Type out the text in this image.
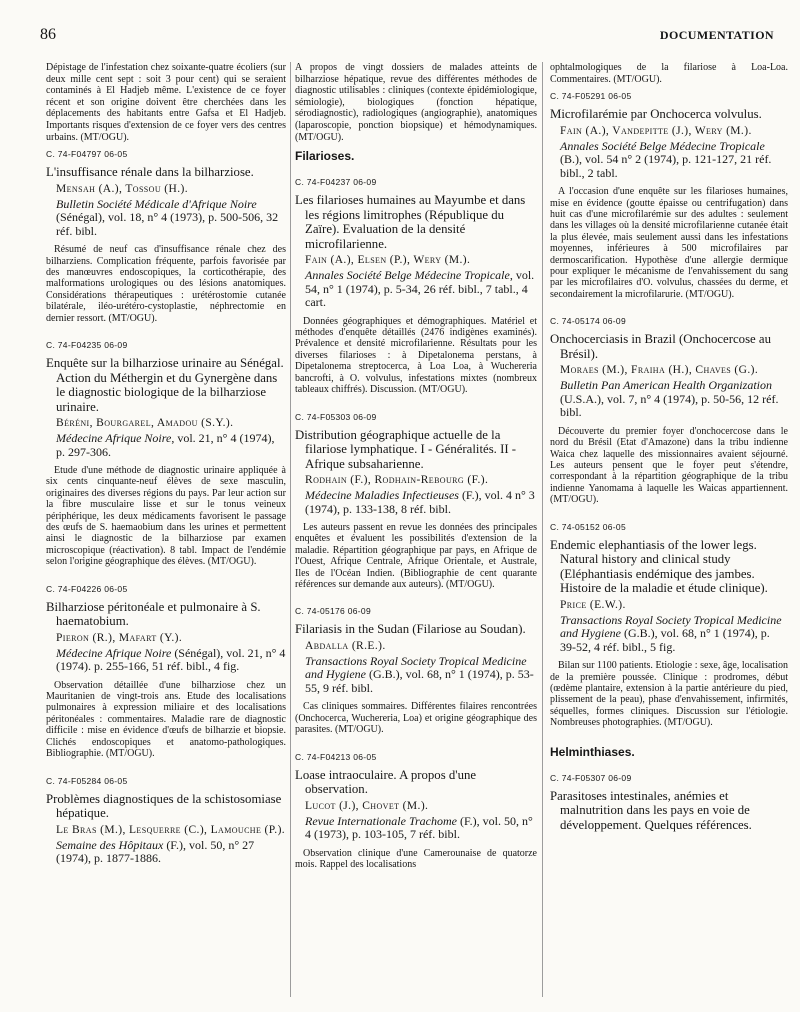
86	DOCUMENTATION

Dépistage de l'infestation chez soixante-quatre écoliers (sur deux mille cent sept : soit 3 pour cent) qui se seraient contaminés à El Hadjeb même. L'existence de ce foyer récent et son origine doivent être cherchées dans les déplacements des habitants entre Gafsa et El Hadjeb. Importants risques d'extension de ce foyer vers des centres urbains. (MT/OGU).

C. 74-F04797 06-05
L'insuffisance rénale dans la bilharziose.
Mensah (A.), Tossou (H.).
Bulletin Société Médicale d'Afrique Noire (Sénégal), vol. 18, n° 4 (1973), p. 500-506, 32 réf. bibl.

Résumé de neuf cas d'insuffisance rénale chez des bilharziens. Complication fréquente, parfois favorisée par des manœuvres endoscopiques, la corticothérapie, des malformations urologiques ou des lésions anatomiques. Considérations thérapeutiques : urétérostomie cutanée bilatérale, iléo-urétéro-cystoplastie, néphrectomie en dernier ressort. (MT/OGU).

C. 74-F04235 06-09
Enquête sur la bilharziose urinaire au Sénégal. Action du Méthergin et du Gynergène dans le diagnostic biologique de la bilharziose urinaire.
Béréni, Bourgarel, Amadou (S.Y.).
Médecine Afrique Noire, vol. 21, n° 4 (1974), p. 297-306.

Etude d'une méthode de diagnostic urinaire appliquée à six cents cinquante-neuf élèves de sexe masculin, originaires des diverses régions du pays. Par leur action sur la fibre musculaire lisse et sur le tonus veineux périphérique, les deux médicaments favorisent le passage des œufs de S. haemaobium dans les urines et permettent ainsi le diagnostic de la bilharziose par examen microscopique (réactivation). 8 tabl. Impact de l'endémie selon l'origine géographique des élèves. (MT/OGU).

C. 74-F04226 06-05
Bilharziose péritonéale et pulmonaire à S. haematobium.
Pieron (R.), Mafart (Y.).
Médecine Afrique Noire (Sénégal), vol. 21, n° 4 (1974). p. 255-166, 51 réf. bibl., 4 fig.

Observation détaillée d'une bilharziose chez un Mauritanien de vingt-trois ans. Etude des localisations pulmonaires à expression miliaire et des localisations péritonéales : commentaires. Maladie rare de diagnostic difficile : mise en évidence d'œufs de bilharzie et biopsie. Clichés endoscopiques et anatomo-pathologiques. Bibliographie. (MT/OGU).

C. 74-F05284 06-05
Problèmes diagnostiques de la schistosomiase hépatique.
Le Bras (M.), Lesquerre (C.), Lamouche (P.).
Semaine des Hôpitaux (F.), vol. 50, n° 27 (1974), p. 1877-1886.

A propos de vingt dossiers de malades atteints de bilharziose hépatique, revue des différentes méthodes de diagnostic utilisables : cliniques (contexte épidémiologique, sémiologie), biologiques (fonction hépatique, sérodiagnostic), radiologiques (angiographie), anatomiques (laparoscopie, ponction biopsique) et hémodynamiques. (MT/OGU).

Filarioses.
C. 74-F04237 06-09
Les filarioses humaines au Mayumbe et dans les régions limitrophes (République du Zaïre). Evaluation de la densité microfilarienne.
Fain (A.), Elsen (P.), Wery (M.).
Annales Société Belge Médecine Tropicale, vol. 54, n° 1 (1974), p. 5-34, 26 réf. bibl., 7 tabl., 4 cart.

Données géographiques et démographiques. Matériel et méthodes d'enquête détaillés (2476 indigènes examinés). Prévalence et densité microfilarienne. Résultats pour les diverses filarioses : à Dipetalonema perstans, à Dipetalonema streptocerca, à Loa Loa, à Wuchereria bancrofti, à O. volvulus, infestations mixtes (nombreux tableaux chiffrés). Discussion. (MT/OGU).

C. 74-F05303 06-09
Distribution géographique actuelle de la filariose lymphatique. I - Généralités. II - Afrique subsaharienne.
Rodhain (F.), Rodhain-Rebourg (F.).
Médecine Maladies Infectieuses (F.), vol. 4 n° 3 (1974), p. 133-138, 8 réf. bibl.

Les auteurs passent en revue les données des principales enquêtes et évaluent les possibilités d'extension de la maladie. Répartition géographique par pays, en Afrique de l'Ouest, Afrique Centrale, Afrique Orientale, et Australe, Iles de l'Océan Indien. (Bibliographie de cent quarante références sur demande aux auteurs). (MT/OGU).

C. 74-05176 06-09
Filariasis in the Sudan (Filariose au Soudan).
Abdalla (R.E.).
Transactions Royal Society Tropical Medicine and Hygiene (G.B.), vol. 68, n° 1 (1974), p. 53-55, 9 réf. bibl.

Cas cliniques sommaires. Différentes filaires rencontrées (Onchocerca, Wuchereria, Loa) et origine géographique des parasites. (MT/OGU).

C. 74-F04213 06-05
Loase intraoculaire. A propos d'une observation.
Lucot (J.), Chovet (M.).
Revue Internationale Trachome (F.), vol. 50, n° 4 (1973), p. 103-105, 7 réf. bibl.

Observation clinique d'une Camerounaise de quatorze mois. Rappel des localisations

ophtalmologiques de la filariose à Loa-Loa. Commentaires. (MT/OGU).

C. 74-F05291 06-05
Microfilarémie par Onchocerca volvulus.
Fain (A.), Vandepitte (J.), Wery (M.).
Annales Société Belge Médecine Tropicale (B.), vol. 54 n° 2 (1974), p. 121-127, 21 réf. bibl., 2 tabl.

A l'occasion d'une enquête sur les filarioses humaines, mise en évidence (goutte épaisse ou centrifugation) dans huit cas d'une microfilarémie sur des adultes : seulement dans les villages où la densité microfilarienne cutanée était la plus élevée, mais seulement aussi dans les infestations moyennes, inférieures à 500 microfilaires par dermoscarification. Hypothèse d'une allergie dermique pour expliquer le mécanisme de l'envahissement du sang par les microfilaires d'O. volvulus, chassées du derme, et secondairement la microfilarurie. (MT/OGU).

C. 74-05174 06-09
Onchocerciasis in Brazil (Onchocercose au Brésil).
Moraes (M.), Fraiha (H.), Chaves (G.).
Bulletin Pan American Health Organization (U.S.A.), vol. 7, n° 4 (1974), p. 50-56, 12 réf. bibl.

Découverte du premier foyer d'onchocercose dans le nord du Brésil (Etat d'Amazone) dans la tribu indienne Waica chez laquelle des missionnaires avaient séjourné. Les auteurs pensent que le foyer peut s'étendre, correspondant à la répartition géographique de la tribu indienne Yanomama à laquelle les Waicas appartiennent. (MT/OGU).

C. 74-05152 06-05
Endemic elephantiasis of the lower legs. Natural history and clinical study (Eléphantiasis endémique des jambes. Histoire de la maladie et étude clinique).
Price (E.W.).
Transactions Royal Society Tropical Medicine and Hygiene (G.B.), vol. 68, n° 1 (1974), p. 39-52, 4 réf. bibl., 5 fig.

Bilan sur 1100 patients. Etiologie : sexe, âge, localisation de la première poussée. Clinique : prodromes, début (œdème plantaire, extension à la partie antérieure du pied, plissement de la peau), phase d'envahissement, infirmités, séquelles, formes cliniques. Discussion sur l'étiologie. Nombreuses photographies. (MT/OGU).

Helminthiases.
C. 74-F05307 06-09
Parasitoses intestinales, anémies et malnutrition dans les pays en voie de développement. Quelques références.
